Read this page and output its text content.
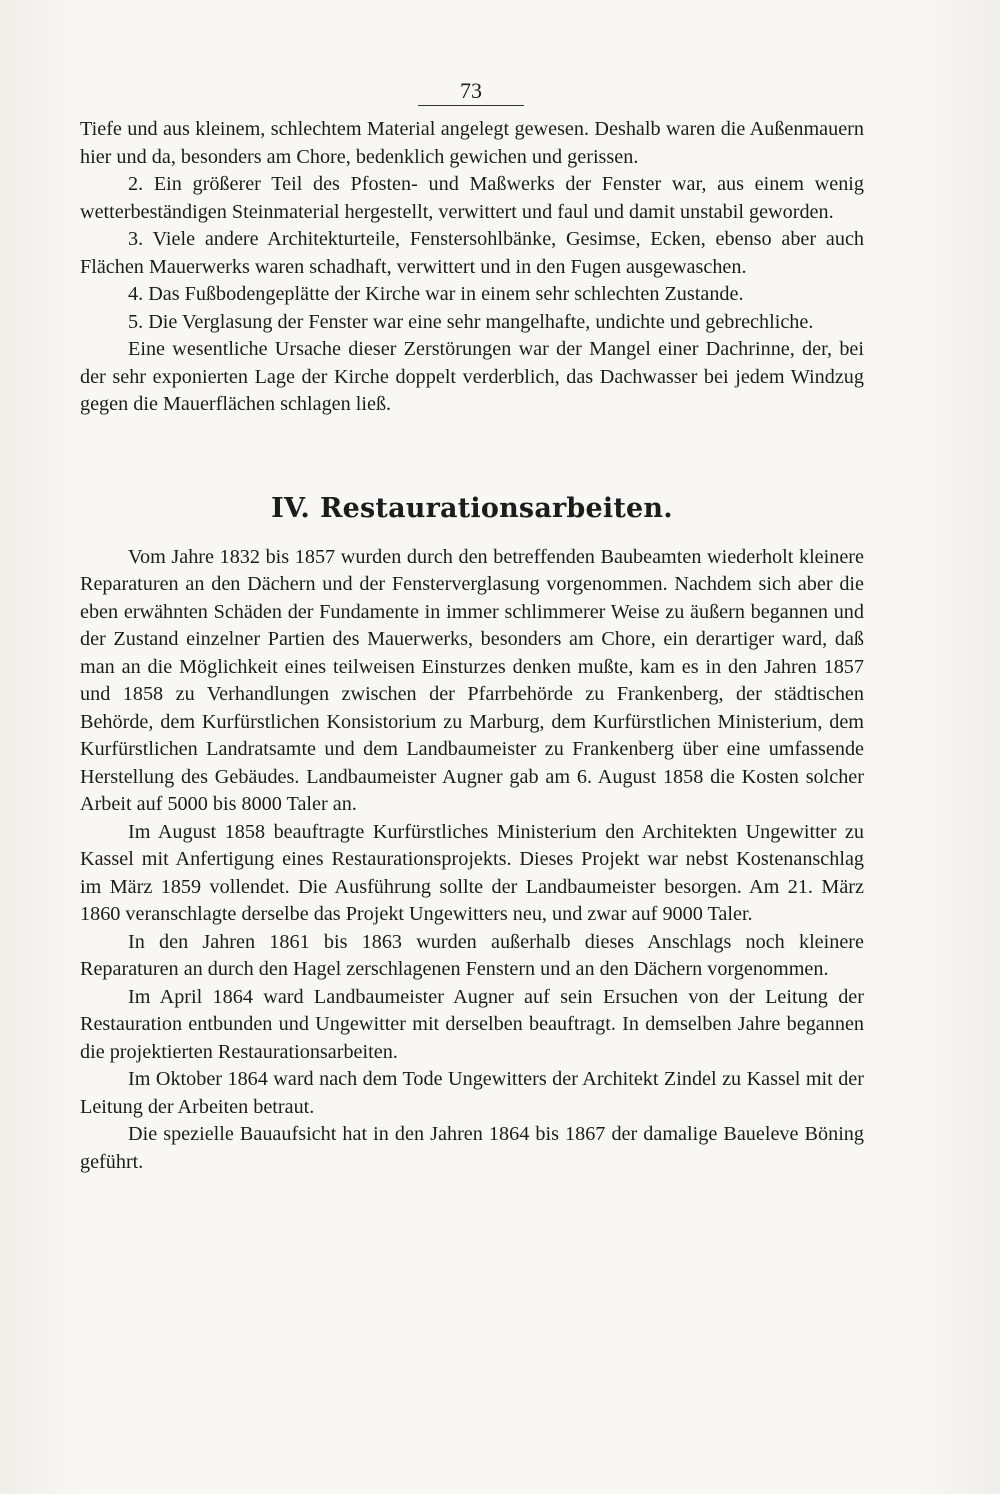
73

Tiefe und aus kleinem, schlechtem Material angelegt gewesen. Deshalb waren die Außenmauern hier und da, besonders am Chore, bedenklich gewichen und gerissen.

2. Ein größerer Teil des Pfosten- und Maßwerks der Fenster war, aus einem wenig wetterbeständigen Steinmaterial hergestellt, verwittert und faul und damit unstabil geworden.

3. Viele andere Architekturteile, Fenstersohlbänke, Gesimse, Ecken, ebenso aber auch Flächen Mauerwerks waren schadhaft, verwittert und in den Fugen ausgewaschen.

4. Das Fußbodengeplätte der Kirche war in einem sehr schlechten Zustande.

5. Die Verglasung der Fenster war eine sehr mangelhafte, undichte und gebrechliche.

Eine wesentliche Ursache dieser Zerstörungen war der Mangel einer Dachrinne, der, bei der sehr exponierten Lage der Kirche doppelt verderblich, das Dachwasser bei jedem Windzug gegen die Mauerflächen schlagen ließ.

IV. Restaurationsarbeiten.

Vom Jahre 1832 bis 1857 wurden durch den betreffenden Baubeamten wiederholt kleinere Reparaturen an den Dächern und der Fensterverglasung vorgenommen. Nachdem sich aber die eben erwähnten Schäden der Fundamente in immer schlimmerer Weise zu äußern begannen und der Zustand einzelner Partien des Mauerwerks, besonders am Chore, ein derartiger ward, daß man an die Möglichkeit eines teilweisen Einsturzes denken mußte, kam es in den Jahren 1857 und 1858 zu Verhandlungen zwischen der Pfarrbehörde zu Frankenberg, der städtischen Behörde, dem Kurfürstlichen Konsistorium zu Marburg, dem Kurfürstlichen Ministerium, dem Kurfürstlichen Landratsamte und dem Landbaumeister zu Frankenberg über eine umfassende Herstellung des Gebäudes. Landbaumeister Augner gab am 6. August 1858 die Kosten solcher Arbeit auf 5000 bis 8000 Taler an.

Im August 1858 beauftragte Kurfürstliches Ministerium den Architekten Ungewitter zu Kassel mit Anfertigung eines Restaurationsprojekts. Dieses Projekt war nebst Kostenanschlag im März 1859 vollendet. Die Ausführung sollte der Landbaumeister besorgen. Am 21. März 1860 veranschlagte derselbe das Projekt Ungewitters neu, und zwar auf 9000 Taler.

In den Jahren 1861 bis 1863 wurden außerhalb dieses Anschlags noch kleinere Reparaturen an durch den Hagel zerschlagenen Fenstern und an den Dächern vorgenommen.

Im April 1864 ward Landbaumeister Augner auf sein Ersuchen von der Leitung der Restauration entbunden und Ungewitter mit derselben beauftragt. In demselben Jahre begannen die projektierten Restaurationsarbeiten.

Im Oktober 1864 ward nach dem Tode Ungewitters der Architekt Zindel zu Kassel mit der Leitung der Arbeiten betraut.

Die spezielle Bauaufsicht hat in den Jahren 1864 bis 1867 der damalige Baueleve Böning geführt.
